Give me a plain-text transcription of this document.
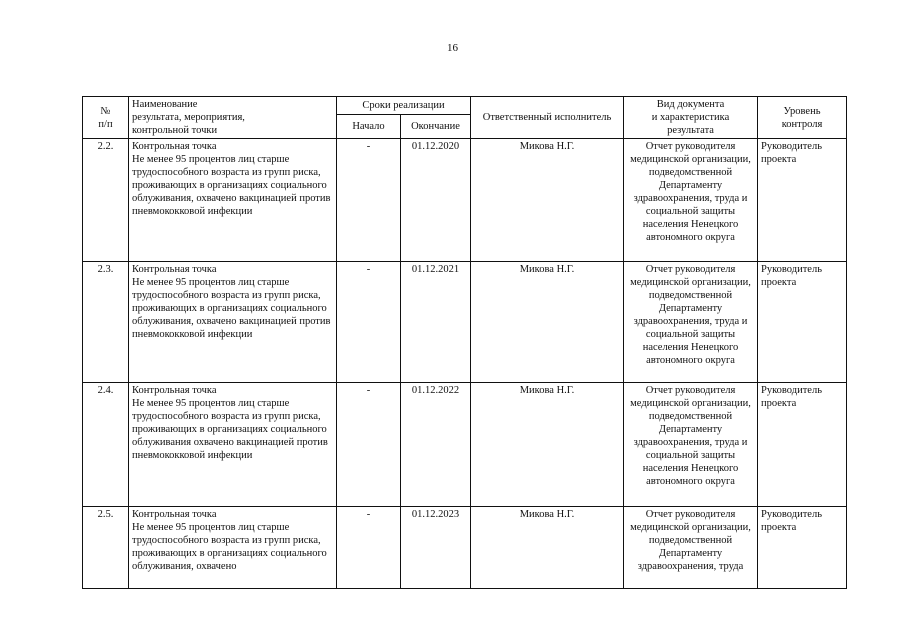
16
№
п/п	Наименование
результата, мероприятия,
контрольной точки	Сроки реализации		Ответственный исполнитель	Вид документа
и характеристика
результата	Уровень
контроля
		Начало	Окончание			
2.2.	Контрольная точка
Не менее 95 процентов лиц старше трудоспособного возраста из групп риска, проживающих в организациях социального облуживания, охвачено вакцинацией против пневмококковой инфекции	-	01.12.2020	Микова Н.Г.	Отчет руководителя медицинской организации, подведомственной Департаменту здравоохранения, труда и социальной защиты населения Ненецкого автономного округа	Руководитель проекта
2.3.	Контрольная точка
Не менее 95 процентов лиц старше трудоспособного возраста из групп риска, проживающих в организациях социального облуживания, охвачено вакцинацией против пневмококковой инфекции	-	01.12.2021	Микова Н.Г.	Отчет руководителя медицинской организации, подведомственной Департаменту здравоохранения, труда и социальной защиты населения Ненецкого автономного округа	Руководитель проекта
2.4.	Контрольная точка
Не менее 95 процентов лиц старше трудоспособного возраста из групп риска, проживающих в организациях социального облуживания охвачено вакцинацией против пневмококковой инфекции	-	01.12.2022	Микова Н.Г.	Отчет руководителя медицинской организации, подведомственной Департаменту здравоохранения, труда и социальной защиты населения Ненецкого автономного округа	Руководитель проекта
2.5.	Контрольная точка
Не менее 95 процентов лиц старше трудоспособного возраста из групп риска, проживающих в организациях социального облуживания, охвачено	-	01.12.2023	Микова Н.Г.	Отчет руководителя медицинской организации, подведомственной Департаменту здравоохранения, труда	Руководитель проекта
